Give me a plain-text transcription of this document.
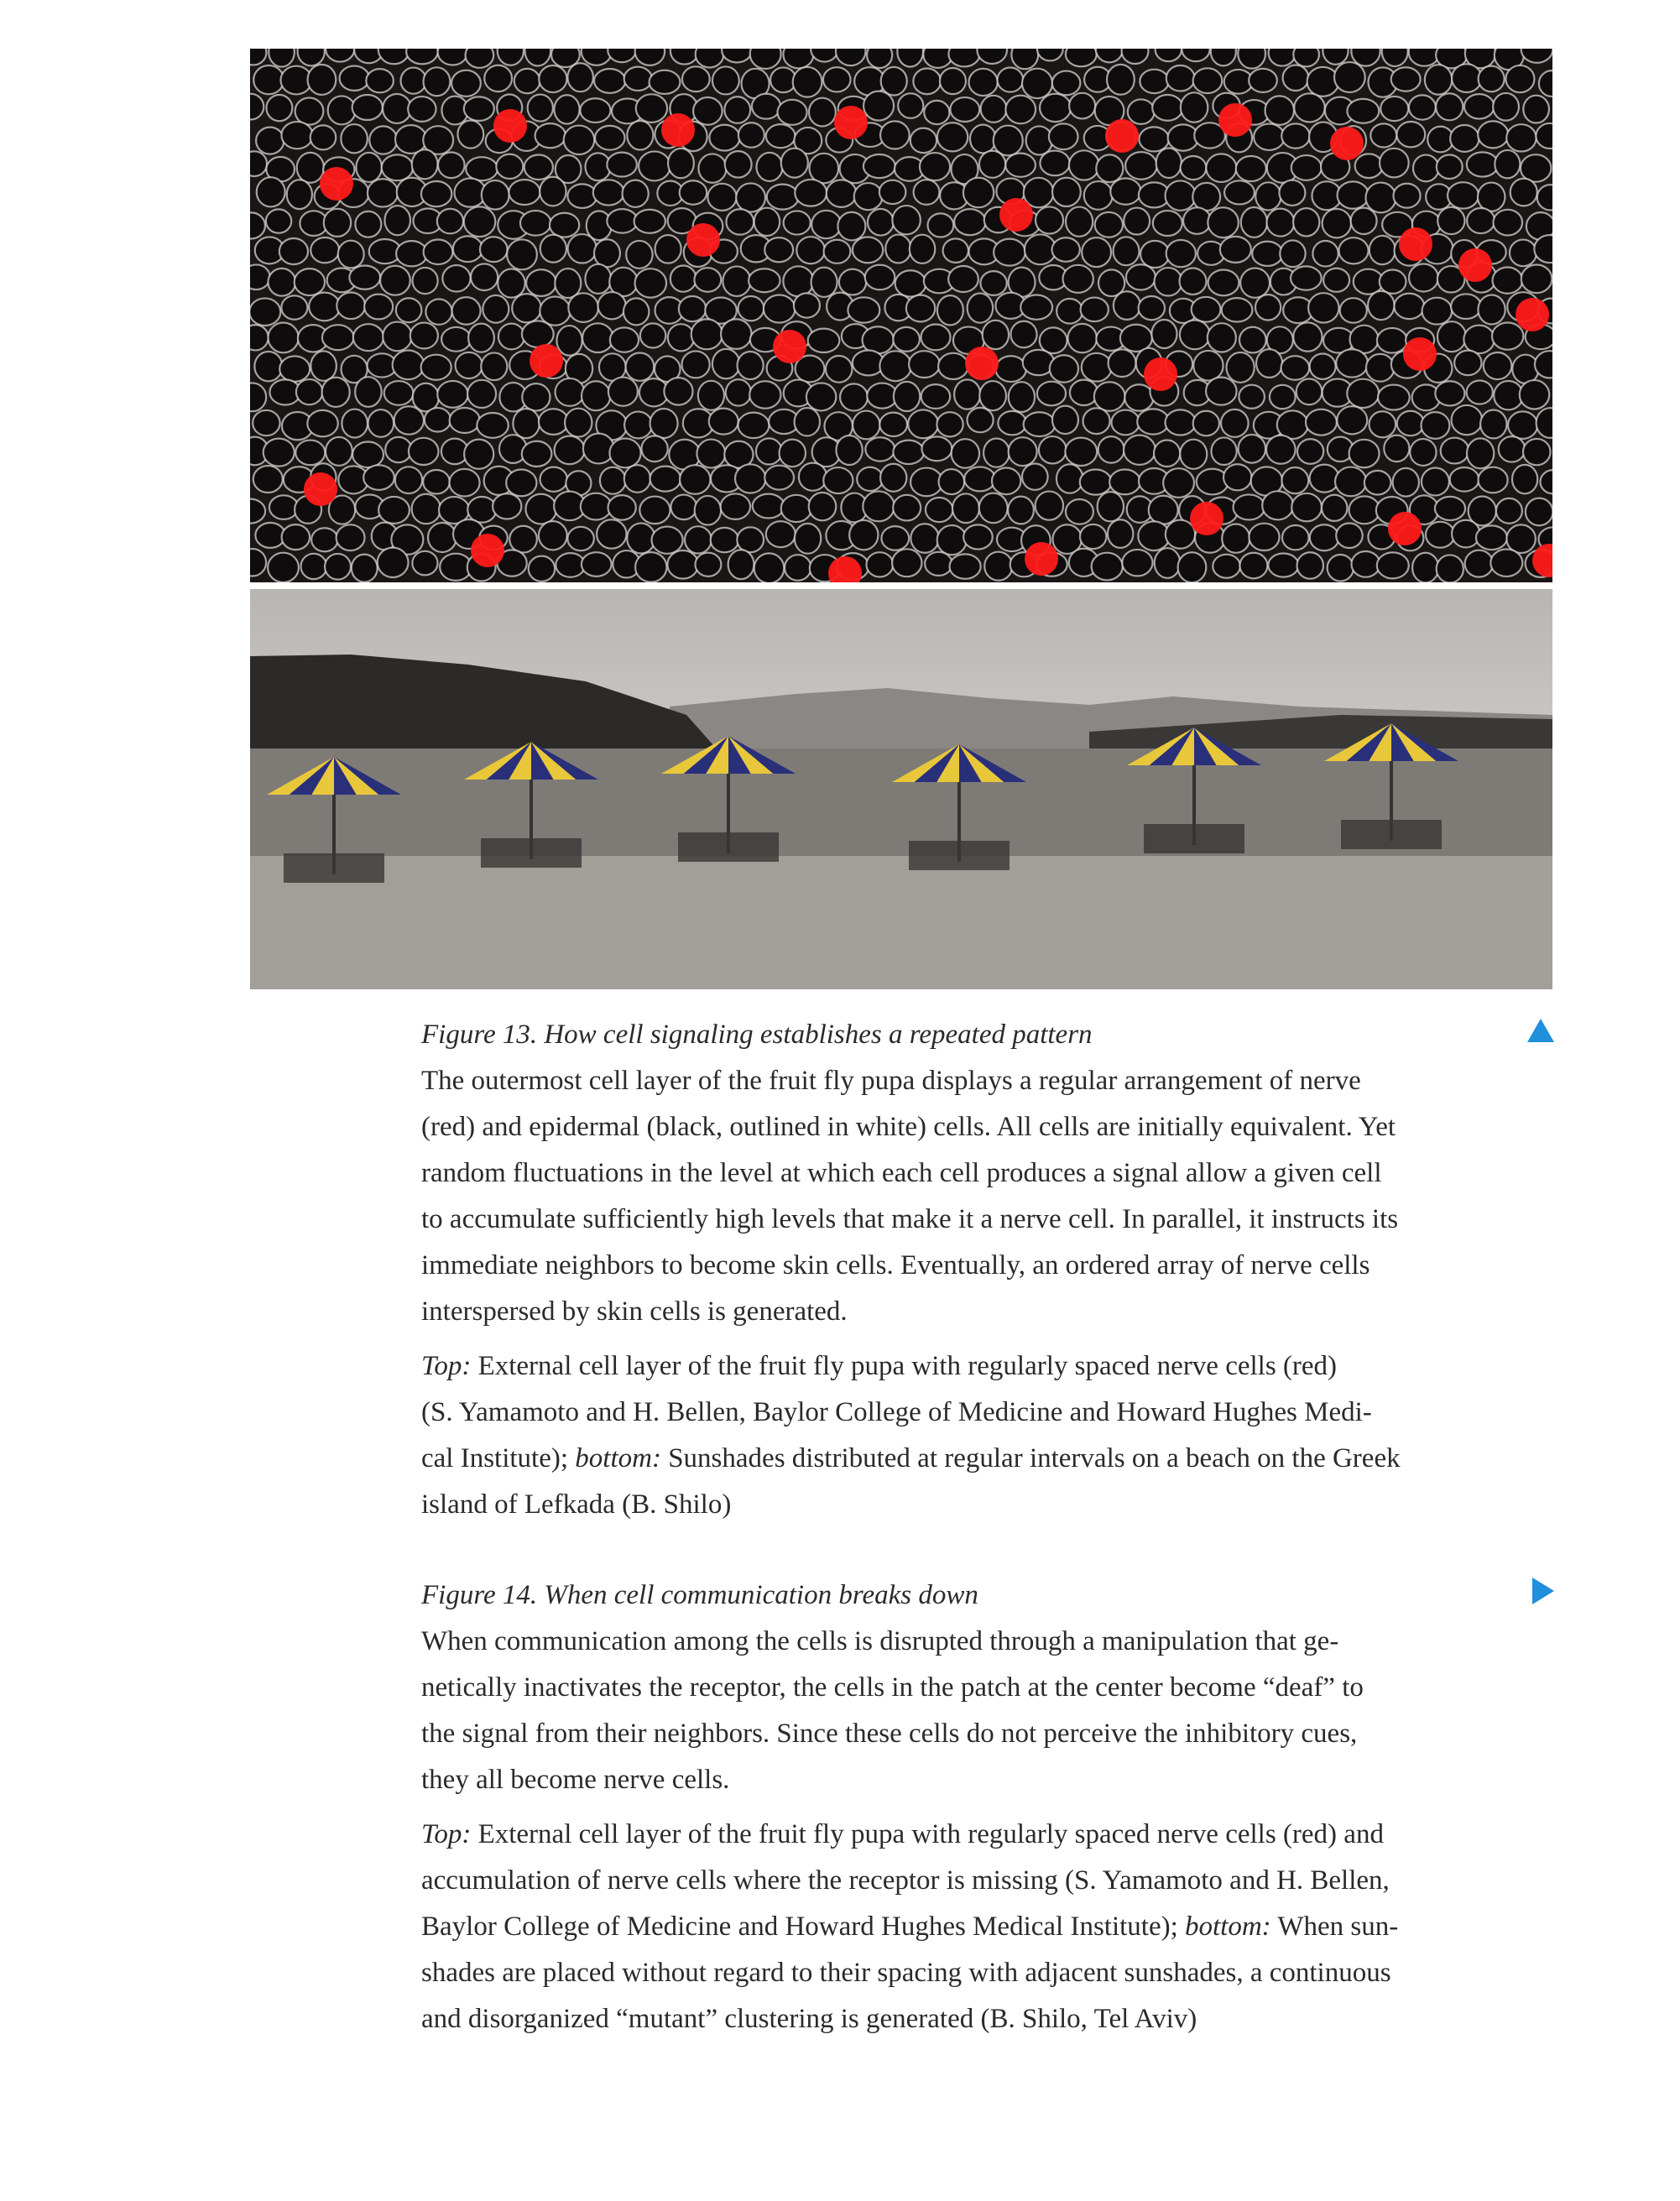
Figure 13. How cell signaling establishes a repeated pattern
The outermost cell layer of the fruit fly pupa displays a regular arrangement of nerve
(red) and epidermal (black, outlined in white) cells. All cells are initially equivalent. Yet
random fluctuations in the level at which each cell produces a signal allow a given cell
to accumulate sufficiently high levels that make it a nerve cell. In parallel, it instructs its
immediate neighbors to become skin cells. Eventually, an ordered array of nerve cells
interspersed by skin cells is generated.
Top: External cell layer of the fruit fly pupa with regularly spaced nerve cells (red)
(S. Yamamoto and H. Bellen, Baylor College of Medicine and Howard Hughes Medi-
cal Institute); bottom: Sunshades distributed at regular intervals on a beach on the Greek
island of Lefkada (B. Shilo)
Figure 14. When cell communication breaks down
When communication among the cells is disrupted through a manipulation that ge-
netically inactivates the receptor, the cells in the patch at the center become “deaf” to
the signal from their neighbors. Since these cells do not perceive the inhibitory cues,
they all become nerve cells.
Top: External cell layer of the fruit fly pupa with regularly spaced nerve cells (red) and
accumulation of nerve cells where the receptor is missing (S. Yamamoto and H. Bellen,
Baylor College of Medicine and Howard Hughes Medical Institute); bottom: When sun-
shades are placed without regard to their spacing with adjacent sunshades, a continuous
and disorganized “mutant” clustering is generated (B. Shilo, Tel Aviv)
